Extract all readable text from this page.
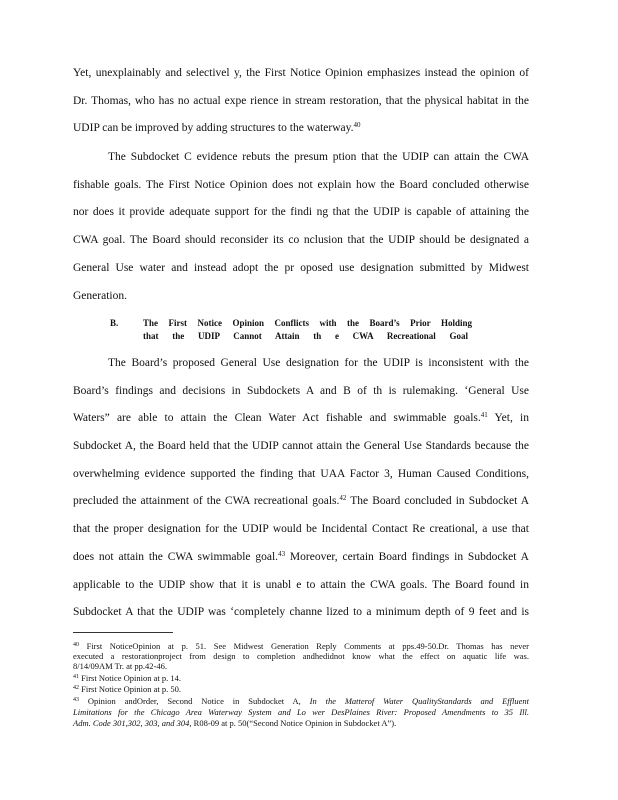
Yet, unexplainably and selectivel y, the First Notice Opinion emphasizes instead the opinion of
Dr. Thomas, who has no actual expe rience in stream restoration, that the physical habitat in the
UDIP can be improved by adding structures to the waterway.$^{40}$
The Subdocket C evidence rebuts the presum ption that the UDIP can attain the CWA
fishable goals. The First Notice Opinion does not explain how the Board concluded otherwise
nor does it provide adequate support for the findi ng that the UDIP is capable of attaining the
CWA goal. The Board should reconsider its co nclusion that the UDIP should be designated a
General Use water and instead adopt the pr oposed use designation submitted by Midwest
Generation.
B.	The First Notice Opinion Conflicts with the Board’s Prior Holding
that the UDIP Cannot Attain th e CWA Recreational Goal
The Board’s proposed General Use designation for the UDIP is inconsistent with the
Board’s findings and decisions in Subdockets A and B of th is rulemaking. ‘General Use
Waters” are able to attain the Clean Water Act fishable and swimmable goals.$^{41}$ Yet, in
Subdocket A, the Board held that the UDIP cannot attain the General Use Standards because the
overwhelming evidence supported the finding that UAA Factor 3, Human Caused Conditions,
precluded the attainment of the CWA recreational goals.$^{42}$ The Board concluded in Subdocket A
that the proper designation for the UDIP would be Incidental Contact Re creational, a use that
does not attain the CWA swimmable goal.$^{43}$ Moreover, certain Board findings in Subdocket A
applicable to the UDIP show that it is unabl e to attain the CWA goals. The Board found in
Subdocket A that the UDIP was ‘completely channe lized to a minimum depth of 9 feet and is
$^{40}$ First NoticeOpinion at p. 51. See Midwest Generation Reply Comments at pps.49-50.Dr. Thomas has never
executed a restorationproject from design to completion andhedidnot know what the effect on aquatic life was.
8/14/09AM Tr. at pp.42-46.
$^{41}$ First Notice Opinion at p. 14.
$^{42}$ First Notice Opinion at p. 50.
$^{43}$ Opinion andOrder, Second Notice in Subdocket A, In the Matterof Water QualityStandards and Effluent
Limitations for the Chicago Area Waterway System and Lo wer DesPlaines River: Proposed Amendments to 35 Ill.
Adm. Code 301,302, 303, and 304, R08-09 at p. 50(“Second Notice Opinion in Subdocket A”).
